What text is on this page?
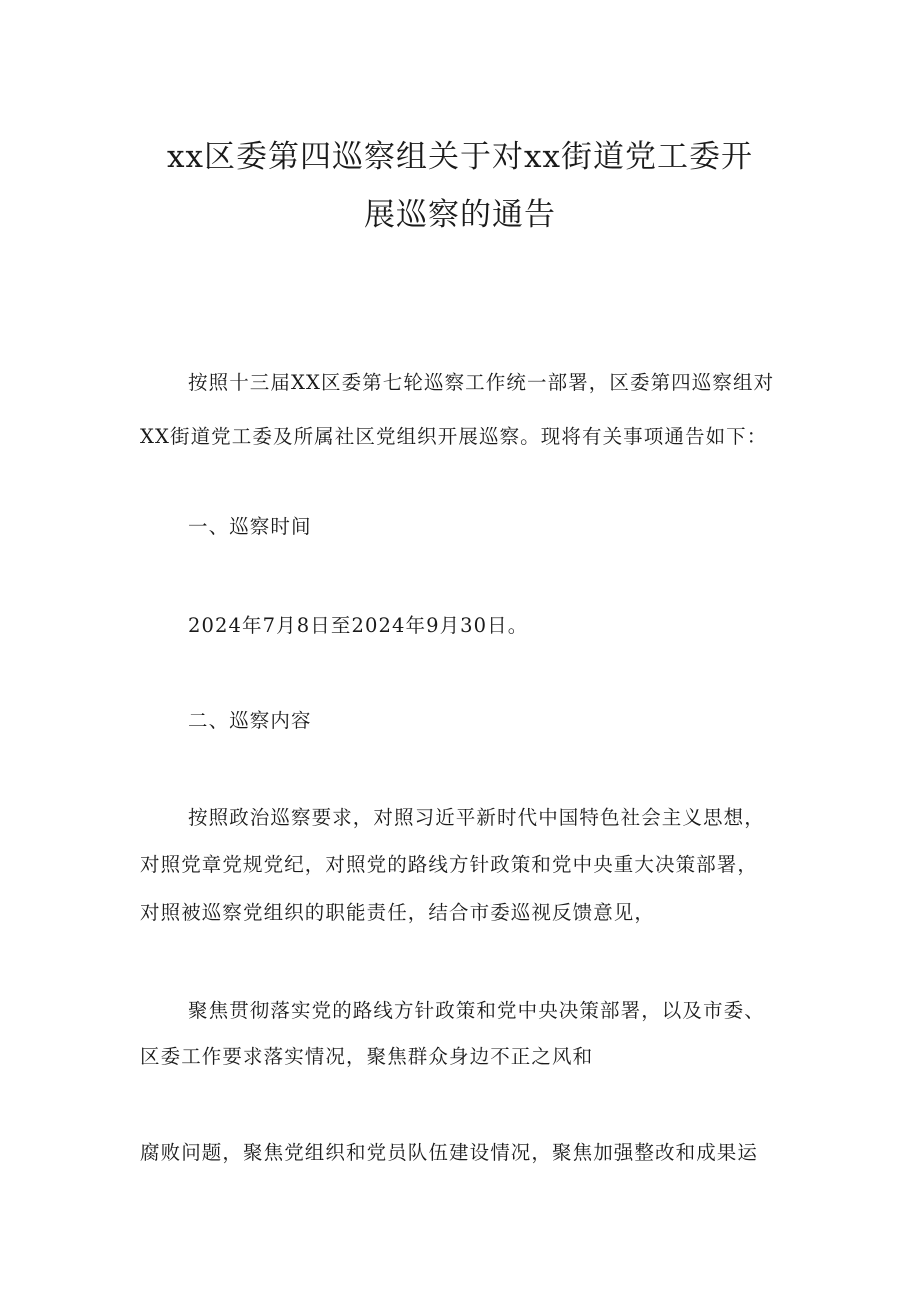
xx区委第四巡察组关于对xx街道党工委开
展巡察的通告

按照十三届XX区委第七轮巡察工作统一部署，区委第四巡察组对

XX街道党工委及所属社区党组织开展巡察。现将有关事项通告如下：

一、巡察时间

2024年7月8日至2024年9月30日。

二、巡察内容

按照政治巡察要求，对照习近平新时代中国特色社会主义思想，

对照党章党规党纪，对照党的路线方针政策和党中央重大决策部署，

对照被巡察党组织的职能责任，结合市委巡视反馈意见，

聚焦贯彻落实党的路线方针政策和党中央决策部署，以及市委、

区委工作要求落实情况，聚焦群众身边不正之风和

腐败问题，聚焦党组织和党员队伍建设情况，聚焦加强整改和成果运
